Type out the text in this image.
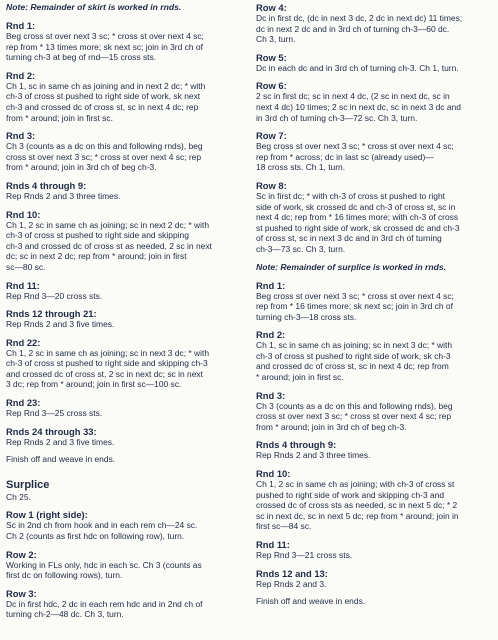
Note: Remainder of skirt is worked in rnds.

Rnd 1:

Beg cross st over next 3 sc; * cross st over next 4 sc;
rep from * 13 times more; sk next sc; join in 3rd ch of
turning ch-3 at beg of rnd—15 cross sts.

Rnd 2:

Ch 1, sc in same ch as joining and in next 2 dc; * with
ch-3 of cross st pushed to right side of work, sk next
ch-3 and crossed dc of cross st, sc in next 4 dc; rep
from * around; join in first sc.

Rnd 3:

Ch 3 (counts as a dc on this and following rnds), beg
cross st over next 3 sc; * cross st over next 4 sc; rep
from * around; join in 3rd ch of beg ch-3.

Rnds 4 through 9:

Rep Rnds 2 and 3 three times.

Rnd 10:

Ch 1, 2 sc in same ch as joining; sc in next 2 dc; * with
ch-3 of cross st pushed to right side and skipping
ch-3 and crossed dc of cross st as needed, 2 sc in next
dc; sc in next 2 dc; rep from * around; join in first
sc—80 sc.

Rnd 11:

Rep Rnd 3—20 cross sts.

Rnds 12 through 21:

Rep Rnds 2 and 3 five times.

Rnd 22:

Ch 1, 2 sc in same ch as joining; sc in next 3 dc; * with
ch-3 of cross st pushed to right side and skipping ch-3
and crossed dc of cross st, 2 sc in next dc; sc in next
3 dc; rep from * around; join in first sc—100 sc.

Rnd 23:

Rep Rnd 3—25 cross sts.

Rnds 24 through 33:

Rep Rnds 2 and 3 five times.

Finish off and weave in ends.

Surplice

Ch 25.

Row 1 (right side):

Sc in 2nd ch from hook and in each rem ch—24 sc.
Ch 2 (counts as first hdc on following row), turn.

Row 2:

Working in FLs only, hdc in each sc. Ch 3 (counts as
first dc on following rows), turn.

Row 3:

Dc in first hdc, 2 dc in each rem hdc and in 2nd ch of
turning ch-2—48 dc. Ch 3, turn.

Row 4:

Dc in first dc, (dc in next 3 dc, 2 dc in next dc) 11 times;
dc in next 2 dc and in 3rd ch of turning ch-3—60 dc.
Ch 3, turn.

Row 5:

Dc in each dc and in 3rd ch of turning ch-3. Ch 1, turn.

Row 6:

2 sc in first dc; sc in next 4 dc, (2 sc in next dc, sc in
next 4 dc) 10 times; 2 sc in next dc, sc in next 3 dc and
in 3rd ch of turning ch-3—72 sc. Ch 3, turn.

Row 7:

Beg cross st over next 3 sc; * cross st over next 4 sc;
rep from * across; dc in last sc (already used)—
18 cross sts. Ch 1, turn.

Row 8:

Sc in first dc; * with ch-3 of cross st pushed to right
side of work, sk crossed dc and ch-3 of cross st, sc in
next 4 dc; rep from * 16 times more; with ch-3 of cross
st pushed to right side of work, sk crossed dc and ch-3
of cross st, sc in next 3 dc and in 3rd ch of turning
ch-3—73 sc. Ch 3, turn.

Note: Remainder of surplice is worked in rnds.

Rnd 1:

Beg cross st over next 3 sc; * cross st over next 4 sc;
rep from * 16 times more; sk next sc; join in 3rd ch of
turning ch-3—18 cross sts.

Rnd 2:

Ch 1, sc in same ch as joining; sc in next 3 dc; * with
ch-3 of cross st pushed to right side of work, sk ch-3
and crossed dc of cross st, sc in next 4 dc; rep from
* around; join in first sc.

Rnd 3:

Ch 3 (counts as a dc on this and following rnds), beg
cross st over next 3 sc; * cross st over next 4 sc; rep
from * around; join in 3rd ch of beg ch-3.

Rnds 4 through 9:

Rep Rnds 2 and 3 three times.

Rnd 10:

Ch 1, 2 sc in same ch as joining; with ch-3 of cross st
pushed to right side of work and skipping ch-3 and
crossed dc of cross sts as needed, sc in next 5 dc; * 2
sc in next dc, sc in next 5 dc; rep from * around; join in
first sc—84 sc.

Rnd 11:

Rep Rnd 3—21 cross sts.

Rnds 12 and 13:

Rep Rnds 2 and 3.

Finish off and weave in ends.
